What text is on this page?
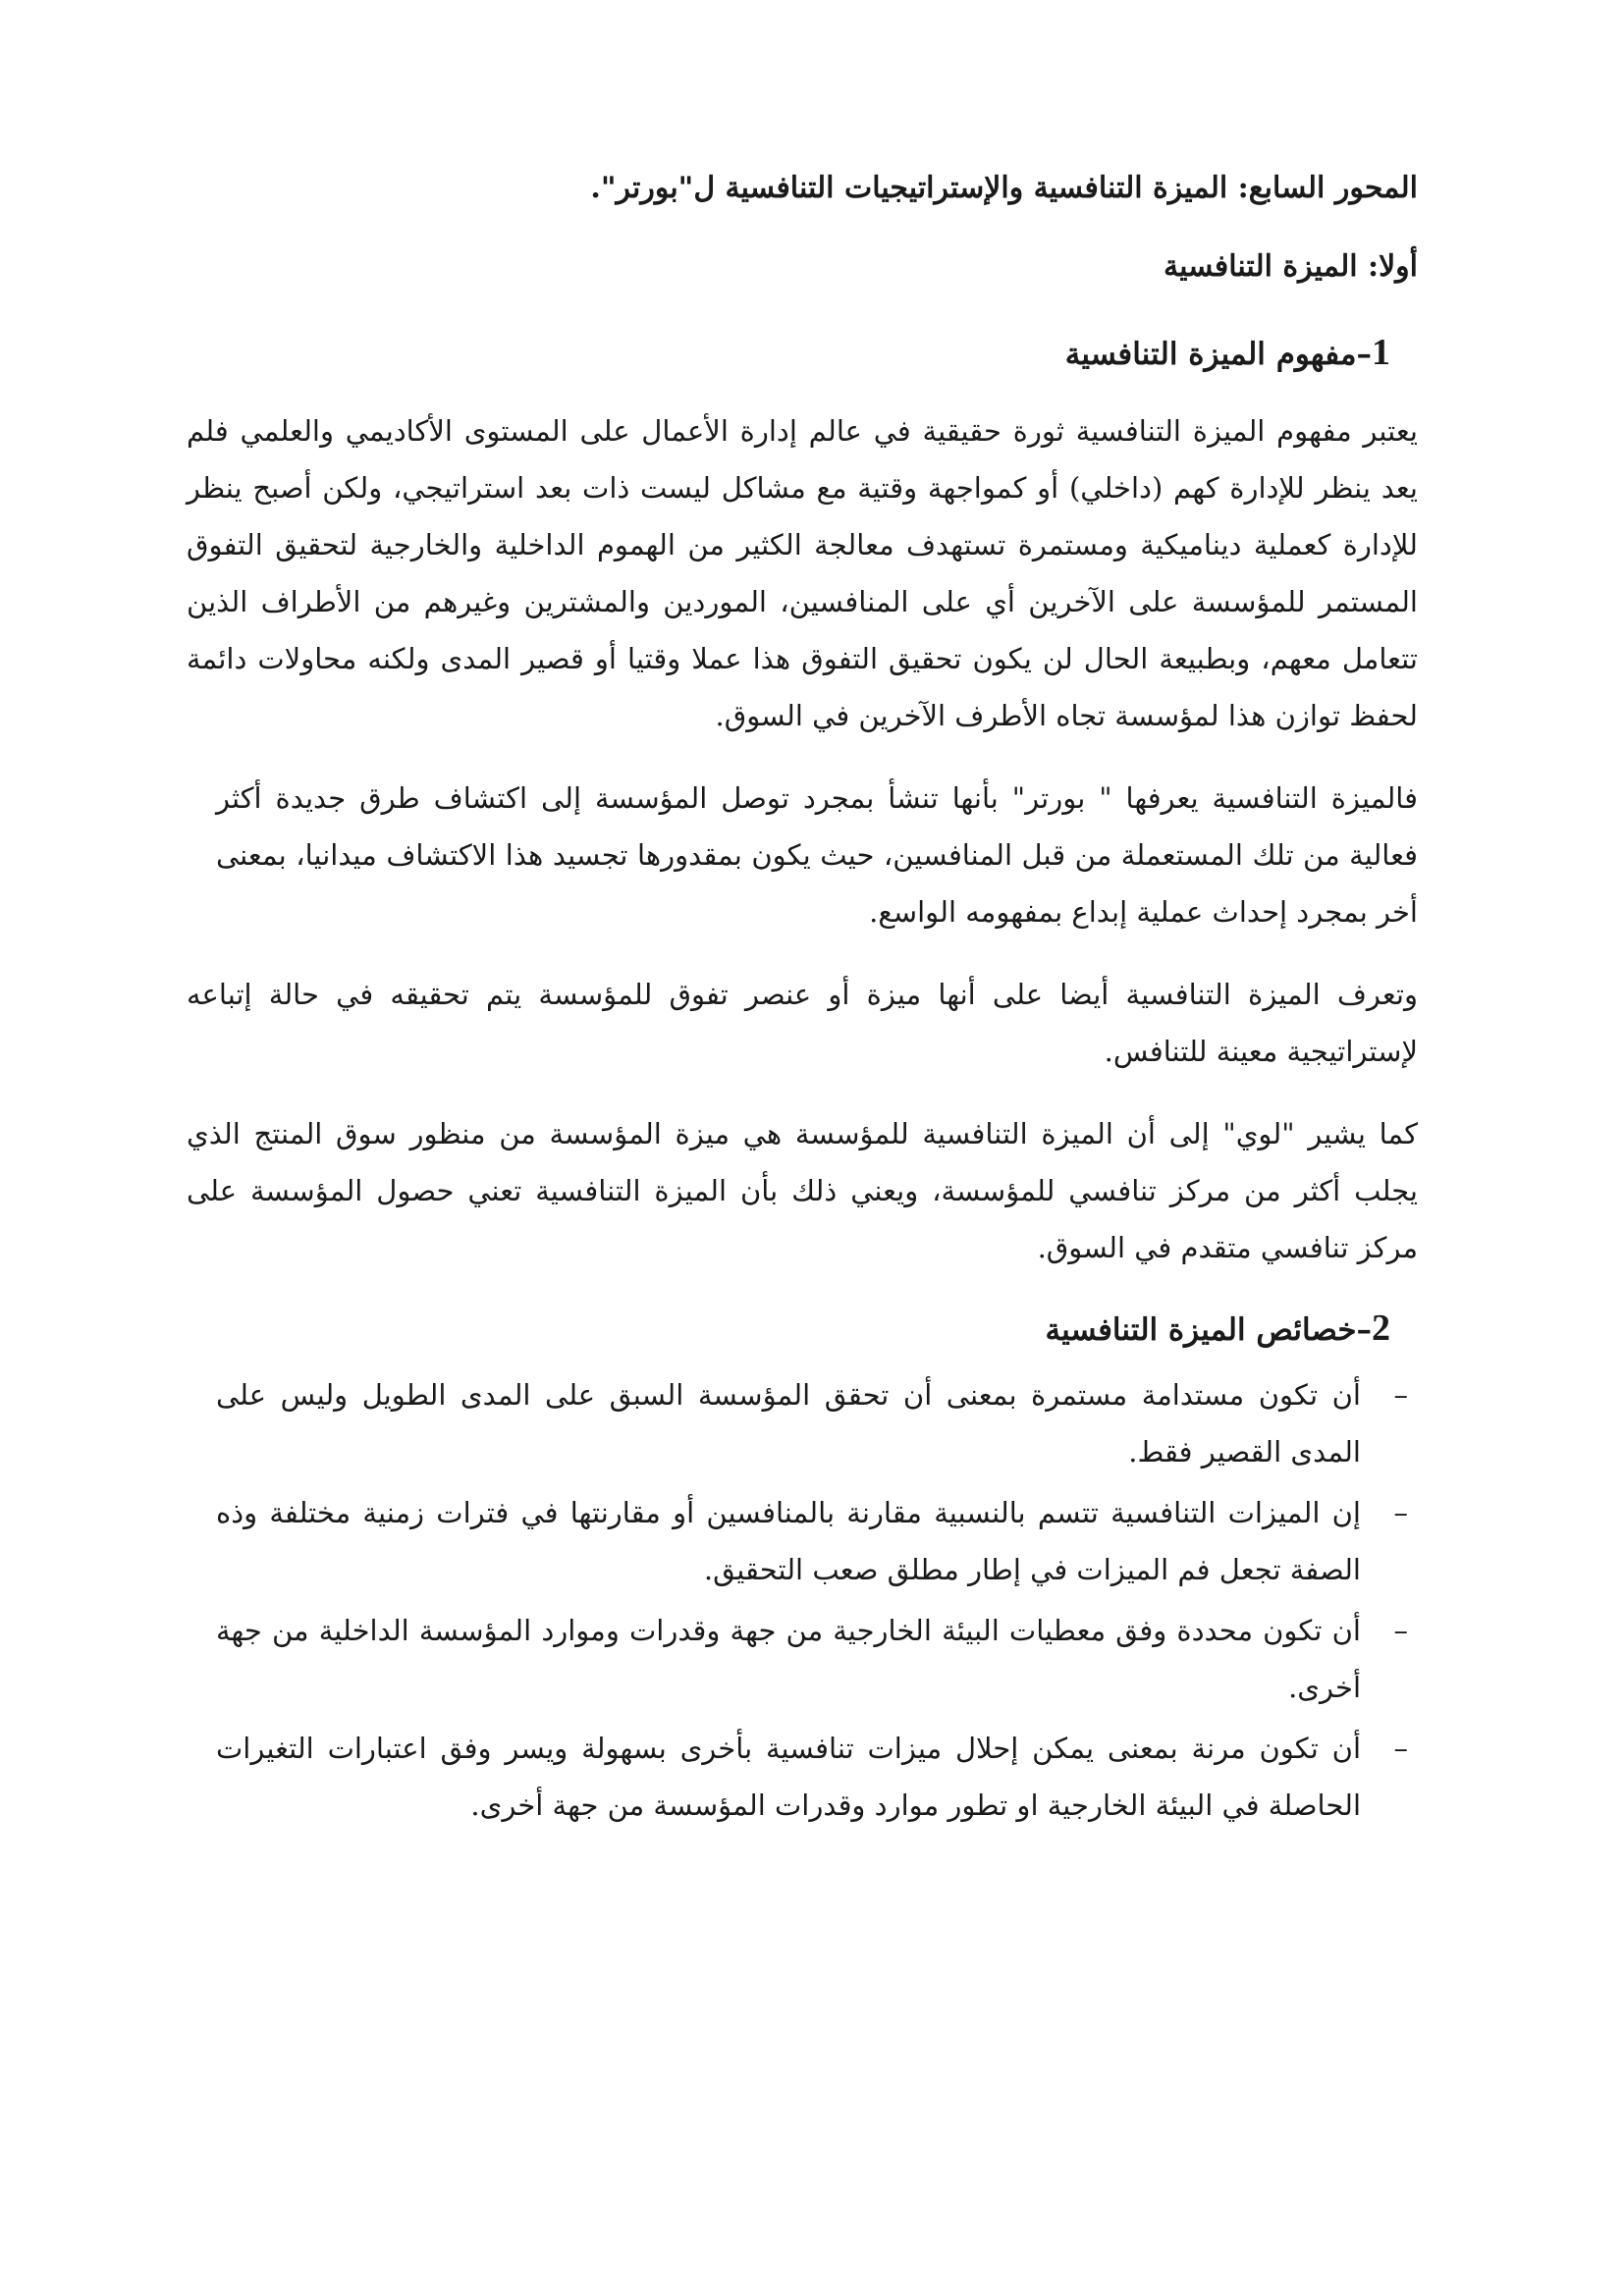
المحور السابع: الميزة التنافسية والإستراتيجيات التنافسية ل"بورتر".
أولا: الميزة التنافسية
1–مفهوم الميزة التنافسية

يعتبر مفهوم الميزة التنافسية ثورة حقيقية في عالم إدارة الأعمال على المستوى الأكاديمي والعلمي فلم يعد ينظر للإدارة كهم (داخلي) أو كمواجهة وقتية مع مشاكل ليست ذات بعد استراتيجي، ولكن أصبح ينظر للإدارة كعملية ديناميكية ومستمرة تستهدف معالجة الكثير من الهموم الداخلية والخارجية لتحقيق التفوق المستمر للمؤسسة على الآخرين أي على المنافسين، الموردين والمشترين وغيرهم من الأطراف الذين تتعامل معهم، وبطبيعة الحال لن يكون تحقيق التفوق هذا عملا وقتيا أو قصير المدى ولكنه محاولات دائمة لحفظ توازن هذا لمؤسسة تجاه الأطرف الآخرين في السوق.

فالميزة التنافسية يعرفها " بورتر" بأنها تنشأ بمجرد توصل المؤسسة إلى اكتشاف طرق جديدة أكثر فعالية من تلك المستعملة من قبل المنافسين، حيث يكون بمقدورها تجسيد هذا الاكتشاف ميدانيا، بمعنى أخر بمجرد إحداث عملية إبداع بمفهومه الواسع.

وتعرف الميزة التنافسية أيضا على أنها ميزة أو عنصر تفوق للمؤسسة يتم تحقيقه في حالة إتباعه لإستراتيجية معينة للتنافس.

كما يشير "لوي" إلى أن الميزة التنافسية للمؤسسة هي ميزة المؤسسة من منظور سوق المنتج الذي يجلب أكثر من مركز تنافسي للمؤسسة، ويعني ذلك بأن الميزة التنافسية تعني حصول المؤسسة على مركز تنافسي متقدم في السوق.

2–خصائص الميزة التنافسية
–
أن تكون مستدامة مستمرة بمعنى أن تحقق المؤسسة السبق على المدى الطويل وليس على المدى القصير فقط.
–
إن الميزات التنافسية تتسم بالنسبية مقارنة بالمنافسين أو مقارنتها في فترات زمنية مختلفة وذه الصفة تجعل فم الميزات في إطار مطلق صعب التحقيق.
–
أن تكون محددة وفق معطيات البيئة الخارجية من جهة وقدرات وموارد المؤسسة الداخلية من جهة أخرى.
–
أن تكون مرنة بمعنى يمكن إحلال ميزات تنافسية بأخرى بسهولة ويسر وفق اعتبارات التغيرات الحاصلة في البيئة الخارجية او تطور موارد وقدرات المؤسسة من جهة أخرى.
